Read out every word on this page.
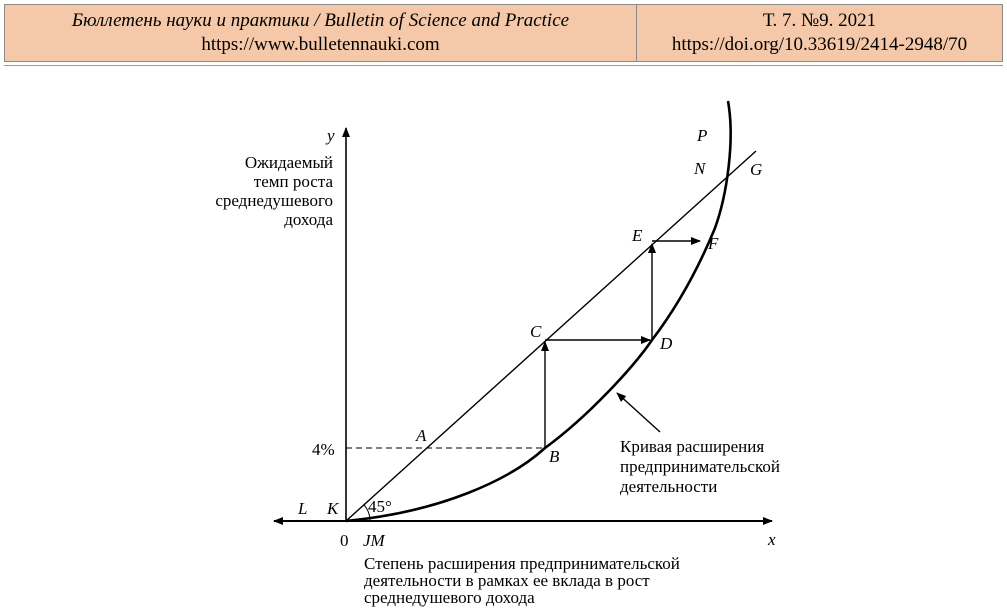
Бюллетень науки и практики / Bulletin of Science and Practice
https://www.bulletennauki.com
Т. 7. №9. 2021
https://doi.org/10.33619/2414-2948/70
y
x
Ожидаемый
темп роста
среднедушевого
дохода
Степень расширения предпринимательской
деятельности в рамках ее вклада в рост
среднедушевого дохода
Кривая расширения
предпринимательской
деятельности
4%
0
45°
P
N	G
E	F
C
D
A
B
L K
JM
